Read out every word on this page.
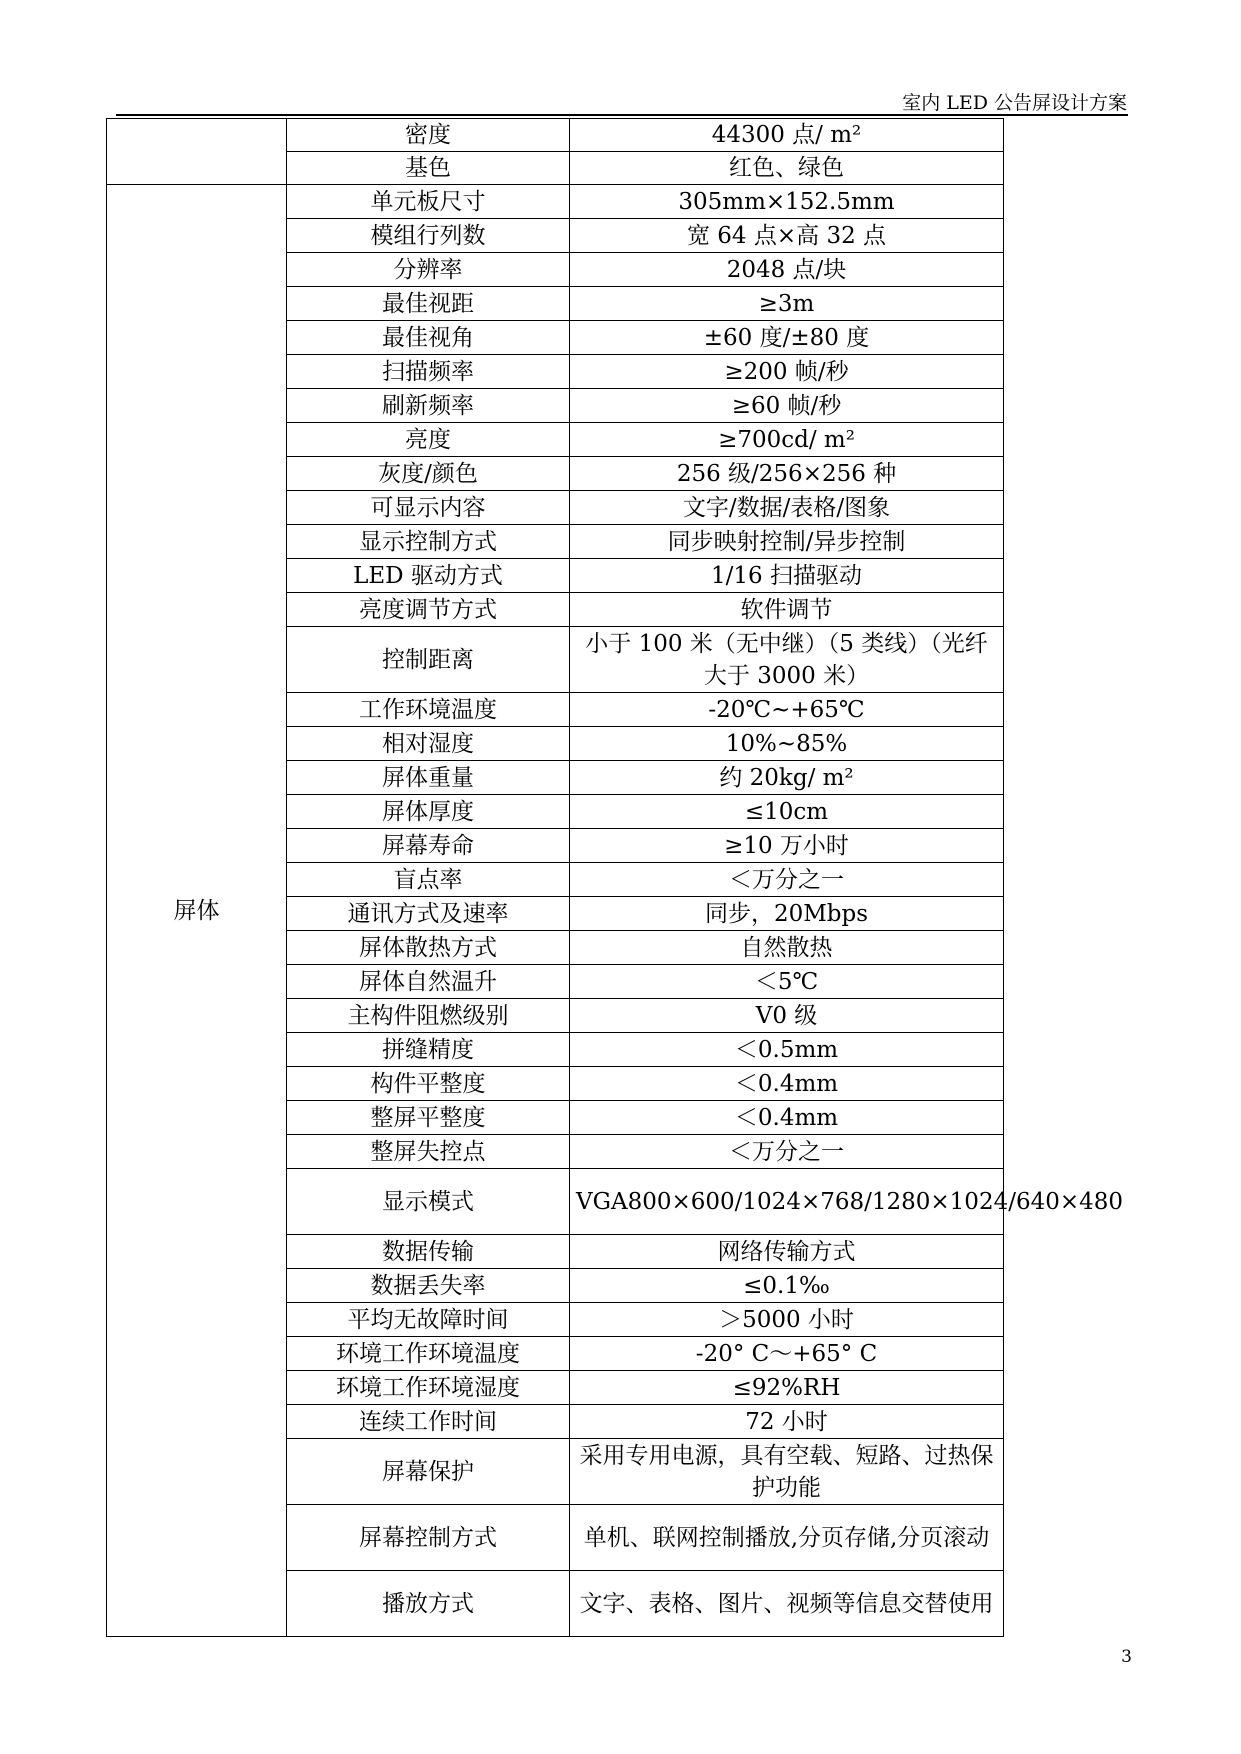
室内 LED 公告屏设计方案
	密度	44300 点/ m²
	基色	红色、绿色
屏体	单元板尺寸	305mm×152.5mm
	模组行列数	宽 64 点×高 32 点
	分辨率	2048 点/块
	最佳视距	≥3m
	最佳视角	±60 度/±80 度
	扫描频率	≥200 帧/秒
	刷新频率	≥60 帧/秒
	亮度	≥700cd/ m²
	灰度/颜色	256 级/256×256 种
	可显示内容	文字/数据/表格/图象
	显示控制方式	同步映射控制/异步控制
	LED 驱动方式	1/16 扫描驱动
	亮度调节方式	软件调节
	控制距离	小于 100 米（无中继）（5 类线）（光纤大于 3000 米）
	工作环境温度	-20℃~+65℃
	相对湿度	10%~85%
	屏体重量	约 20kg/ m²
	屏体厚度	≤10cm
	屏幕寿命	≥10 万小时
	盲点率	＜万分之一
	通讯方式及速率	同步，20Mbps
	屏体散热方式	自然散热
	屏体自然温升	＜5℃
	主构件阻燃级别	V0 级
	拼缝精度	＜0.5mm
	构件平整度	＜0.4mm
	整屏平整度	＜0.4mm
	整屏失控点	＜万分之一
	显示模式	VGA800×600/1024×768/1280×1024/640×480
	数据传输	网络传输方式
	数据丢失率	≤0.1‰
	平均无故障时间	＞5000 小时
	环境工作环境温度	-20° C～+65° C
	环境工作环境湿度	≤92%RH
	连续工作时间	72 小时
	屏幕保护	采用专用电源，具有空载、短路、过热保护功能
	屏幕控制方式	单机、联网控制播放,分页存储,分页滚动
	播放方式	文字、表格、图片、视频等信息交替使用
3
